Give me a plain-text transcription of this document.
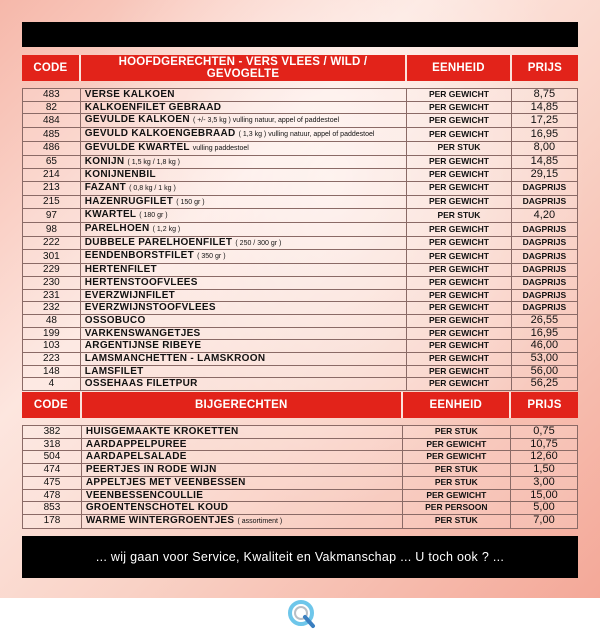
CODE	HOOFDGERECHTEN - VERS VLEES / WILD / GEVOGELTE	EENHEID	PRIJS

483	VERSE KALKOEN	PER GEWICHT	8,75
82	KALKOENFILET GEBRAAD	PER GEWICHT	14,85
484	GEVULDE KALKOEN ( +/- 3,5 kg ) vulling natuur, appel of paddestoel	PER GEWICHT	17,25
485	GEVULD KALKOENGEBRAAD ( 1,3 kg ) vulling natuur, appel of paddestoel	PER GEWICHT	16,95
486	GEVULDE KWARTEL vulling paddestoel	PER STUK	8,00
65	KONIJN ( 1,5 kg / 1,8 kg )	PER GEWICHT	14,85
214	KONIJNENBIL	PER GEWICHT	29,15
213	FAZANT ( 0,8 kg / 1 kg )	PER GEWICHT	DAGPRIJS
215	HAZENRUGFILET ( 150 gr )	PER GEWICHT	DAGPRIJS
97	KWARTEL ( 180 gr )	PER STUK	4,20
98	PARELHOEN ( 1,2 kg )	PER GEWICHT	DAGPRIJS
222	DUBBELE PARELHOENFILET ( 250 / 300 gr )	PER GEWICHT	DAGPRIJS
301	EENDENBORSTFILET ( 350 gr )	PER GEWICHT	DAGPRIJS
229	HERTENFILET	PER GEWICHT	DAGPRIJS
230	HERTENSTOOFVLEES	PER GEWICHT	DAGPRIJS
231	EVERZWIJNFILET	PER GEWICHT	DAGPRIJS
232	EVERZWIJNSTOOFVLEES	PER GEWICHT	DAGPRIJS
48	OSSOBUCO	PER GEWICHT	26,55
199	VARKENSWANGETJES	PER GEWICHT	16,95
103	ARGENTIJNSE RIBEYE	PER GEWICHT	46,00
223	LAMSMANCHETTEN - LAMSKROON	PER GEWICHT	53,00
148	LAMSFILET	PER GEWICHT	56,00
4	OSSEHAAS FILETPUR	PER GEWICHT	56,25
CODE	BIJGERECHTEN	EENHEID	PRIJS

382	HUISGEMAAKTE KROKETTEN	PER STUK	0,75
318	AARDAPPELPUREE	PER GEWICHT	10,75
504	AARDAPELSALADE	PER GEWICHT	12,60
474	PEERTJES IN RODE WIJN	PER STUK	1,50
475	APPELTJES MET VEENBESSEN	PER STUK	3,00
478	VEENBESSENCOULLIE	PER GEWICHT	15,00
853	GROENTENSCHOTEL KOUD	PER PERSOON	5,00
178	WARME WINTERGROENTJES ( assortiment )	PER STUK	7,00
... wij gaan voor Service, Kwaliteit en Vakmanschap ... U toch ook ? ...
